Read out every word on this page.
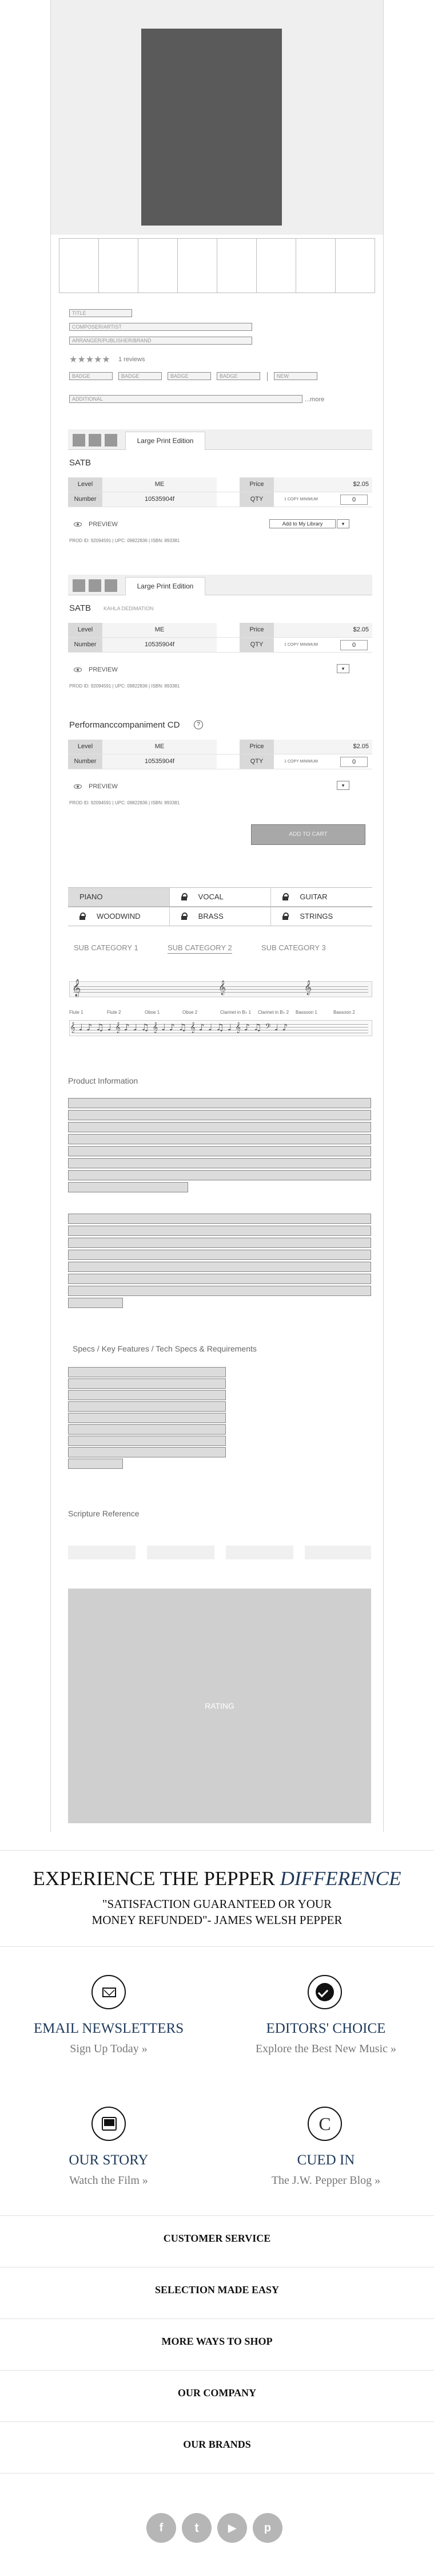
TITLE
COMPOSER/ARTIST
ARRANGER/PUBLISHER/BRAND
★★★★★ 1 reviews
BADGE	BADGE	BADGE	BADGE	NEW
ADDITIONAL	...more
Large Print Edition
SATB
Level	ME	Price	$2.05
Number	10535904f	QTY	1 COPY MINIMUM	0
PREVIEW	Add to My Library	▾
PROD ID: 92094591 | UPC: 09822836 | ISBN: 893381
Large Print Edition
SATB KAHLA DEDIMATION
Level	ME	Price	$2.05
Number	10535904f	QTY	1 COPY MINIMUM	0
PREVIEW	▾
PROD ID: 92094591 | UPC: 09822836 | ISBN: 893381
Performanccompaniment CD	?
Level	ME	Price	$2.05
Number	10535904f	QTY	1 COPY MINIMUM	0
PREVIEW	▾
PROD ID: 92094591 | UPC: 09822836 | ISBN: 893381
ADD TO CART
PIANO	VOCAL	GUITAR
WOODWIND	BRASS	STRINGS
SUB CATEGORY 1	SUB CATEGORY 2	SUB CATEGORY 3
𝄞	𝄞	𝄞
Flute 1	Flute 2	Oboe 1	Oboe 2	Clarinet in B♭ 1 Clarinet in B♭ 2 Bassoon 1	Bassoon 2
𝄞♩♪♫♩𝄞♪♩♫𝄞♩♪♫𝄞♪♩♫♩𝄞♪♫𝄢♩♪
Product Information
Specs / Key Features / Tech Specs & Requirements
Scripture Reference
RATING
EXPERIENCE THE PEPPER DIFFERENCE
"SATISFACTION GUARANTEED OR YOUR MONEY REFUNDED"- JAMES WELSH PEPPER
EMAIL NEWSLETTERS
Sign Up Today »
EDITORS' CHOICE
Explore the Best New Music »
OUR STORY
Watch the Film »
C
CUED IN
The J.W. Pepper Blog »
CUSTOMER SERVICE
SELECTION MADE EASY
MORE WAYS TO SHOP
OUR COMPANY
OUR BRANDS
f	t	▶	p
